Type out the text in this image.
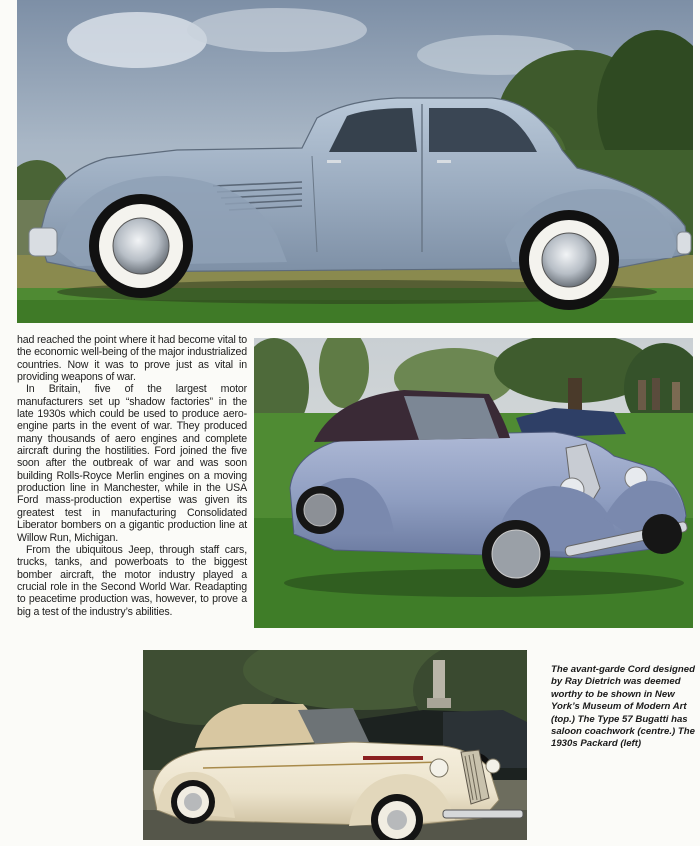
had reached the point where it had become vital to the economic well-being of the major industrialized countries. Now it was to prove just as vital in providing weapons of war.

In Britain, five of the largest motor manufacturers set up “shadow factories” in the late 1930s which could be used to produce aero-engine parts in the event of war. They produced many thousands of aero engines and complete aircraft during the hostilities. Ford joined the five soon after the outbreak of war and was soon building Rolls-Royce Merlin engines on a moving production line in Manchester, while in the USA Ford mass-production expertise was given its greatest test in manufacturing Consolidated Liberator bombers on a gigantic production line at Willow Run, Michigan.

From the ubiquitous Jeep, through staff cars, trucks, tanks, and powerboats to the biggest bomber aircraft, the motor industry played a crucial role in the Second World War. Readapting to peacetime production was, however, to prove a big a test of the industry’s abilities.

The avant-garde Cord designed by Ray Dietrich was deemed worthy to be shown in New York’s Museum of Modern Art (top.) The Type 57 Bugatti has saloon coachwork (centre.) The 1930s Packard (left)
